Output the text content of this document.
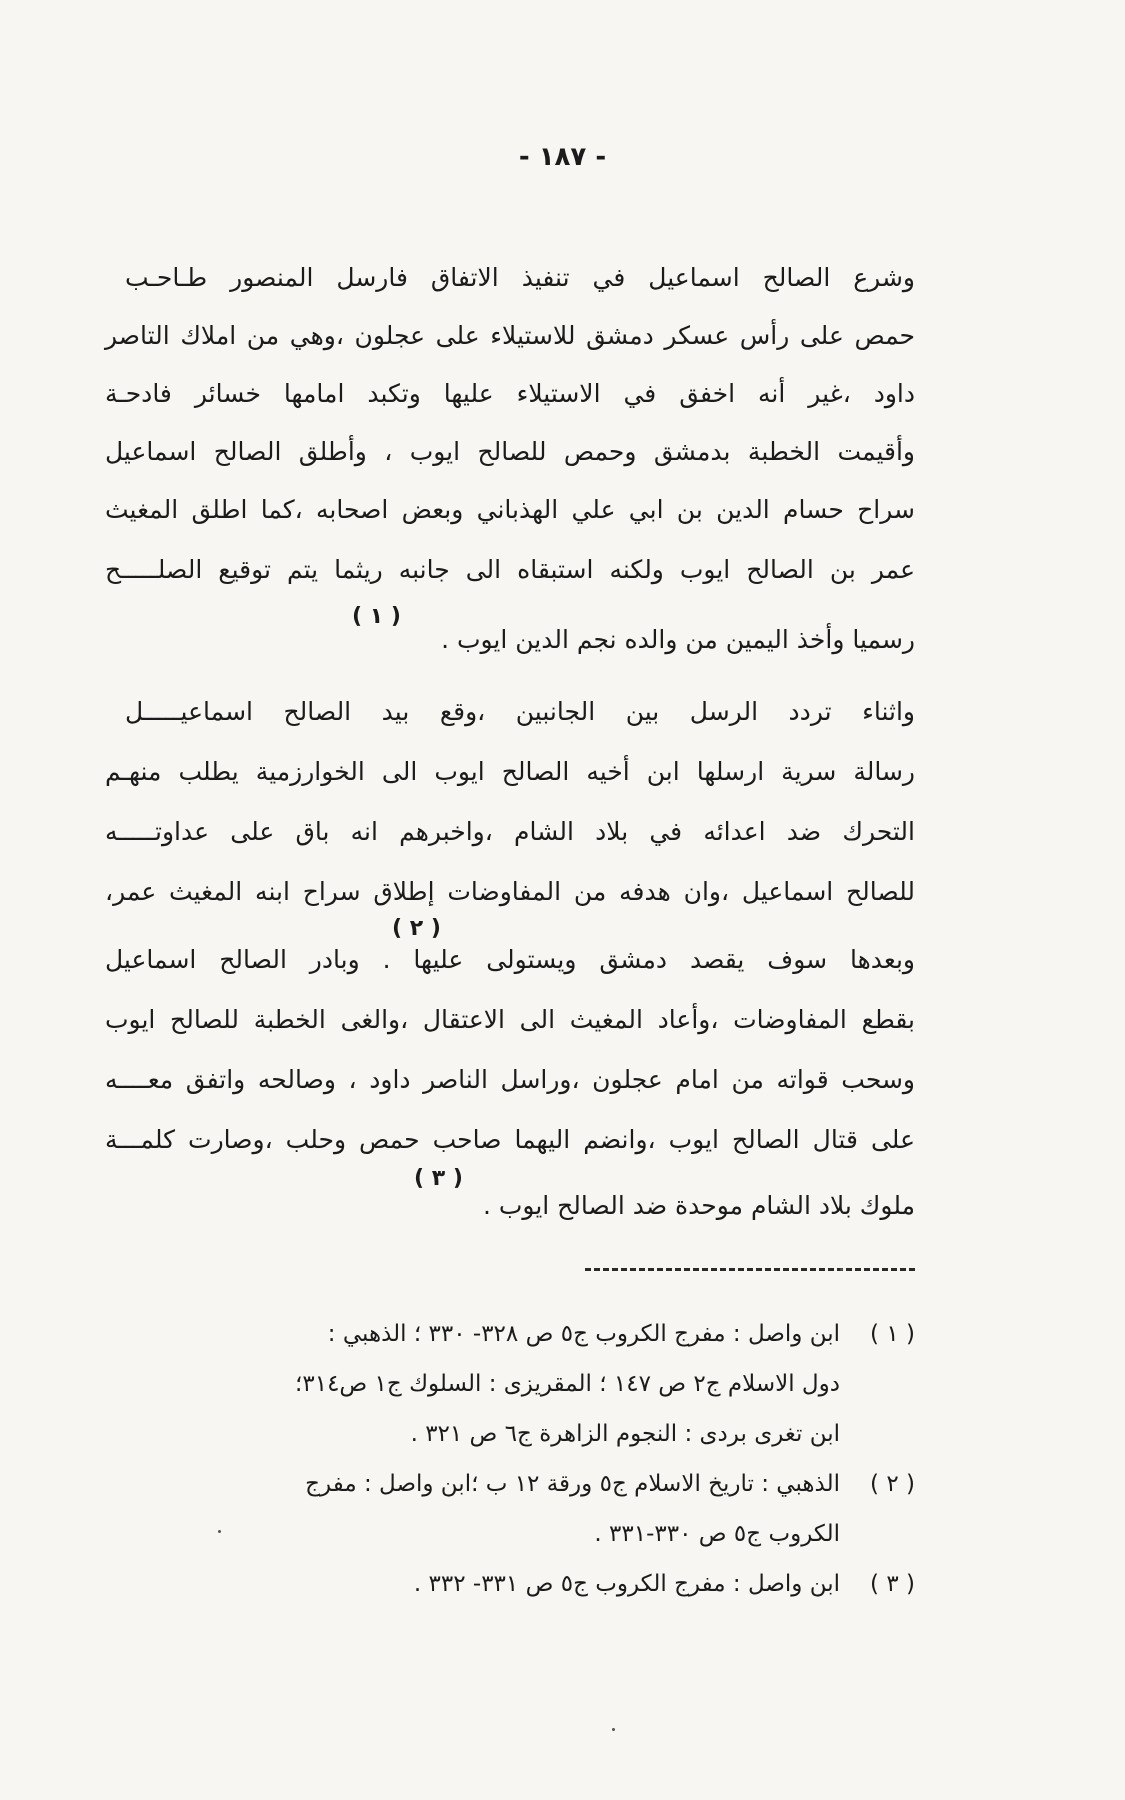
- ١٨٧ -
وشرع الصالح اسماعيل في تنفيذ الاتفاق فارسل المنصور طـاحـب
حمص على رأس عسكر دمشق للاستيلاء على عجلون ،وهي من املاك التاصر
داود ،غير أنه اخفق في الاستيلاء عليها وتكبد امامها خسائر فادحـة
وأقيمت الخطبة بدمشق وحمص للصالح ايوب ، وأطلق الصالح اسماعيل
سراح حسام الدين بن ابي علي الهذباني وبعض اصحابه ،كما اطلق المغيث
عمر بن الصالح ايوب ولكنه استبقاه الى جانبه ريثما يتم توقيع الصلـــــح
رسميا وأخذ اليمين من والده نجم الدين ايوب .
( ١ )
واثناء تردد الرسل بين الجانبين ،وقع بيد الصالح اسماعيـــــل
رسالة سرية ارسلها ابن أخيه الصالح ايوب الى الخوارزمية يطلب منهـم
التحرك ضد اعدائه في بلاد الشام ،واخبرهم انه باق على عداوتـــــه
للصالح اسماعيل ،وان هدفه من المفاوضات إطلاق سراح ابنه المغيث عمر،
وبعدها سوف يقصد دمشق ويستولى عليها . وبادر الصالح اسماعيل
( ٢ )
بقطع المفاوضات ،وأعاد المغيث الى الاعتقال ،والغى الخطبة للصالح ايوب
وسحب قواته من امام عجلون ،وراسل الناصر داود ، وصالحه واتفق معــــه
على قتال الصالح ايوب ،وانضم اليهما صاحب حمص وحلب ،وصارت كلمـــة
ملوك بلاد الشام موحدة ضد الصالح ايوب .
( ٣ )
( ١ )
ابن واصل : مفرج الكروب ج٥ ص ٣٢٨- ٣٣٠ ؛ الذهبي :
دول الاسلام ج٢ ص ١٤٧ ؛ المقريزى : السلوك ج١ ص٣١٤؛
ابن تغرى بردى : النجوم الزاهرة ج٦ ص ٣٢١ .
( ٢ )
الذهبي : تاريخ الاسلام ج٥ ورقة ١٢ ب ؛ابن واصل : مفرج
الكروب ج٥ ص ٣٣٠-٣٣١ .
( ٣ )
ابن واصل : مفرج الكروب ج٥ ص ٣٣١- ٣٣٢ .
